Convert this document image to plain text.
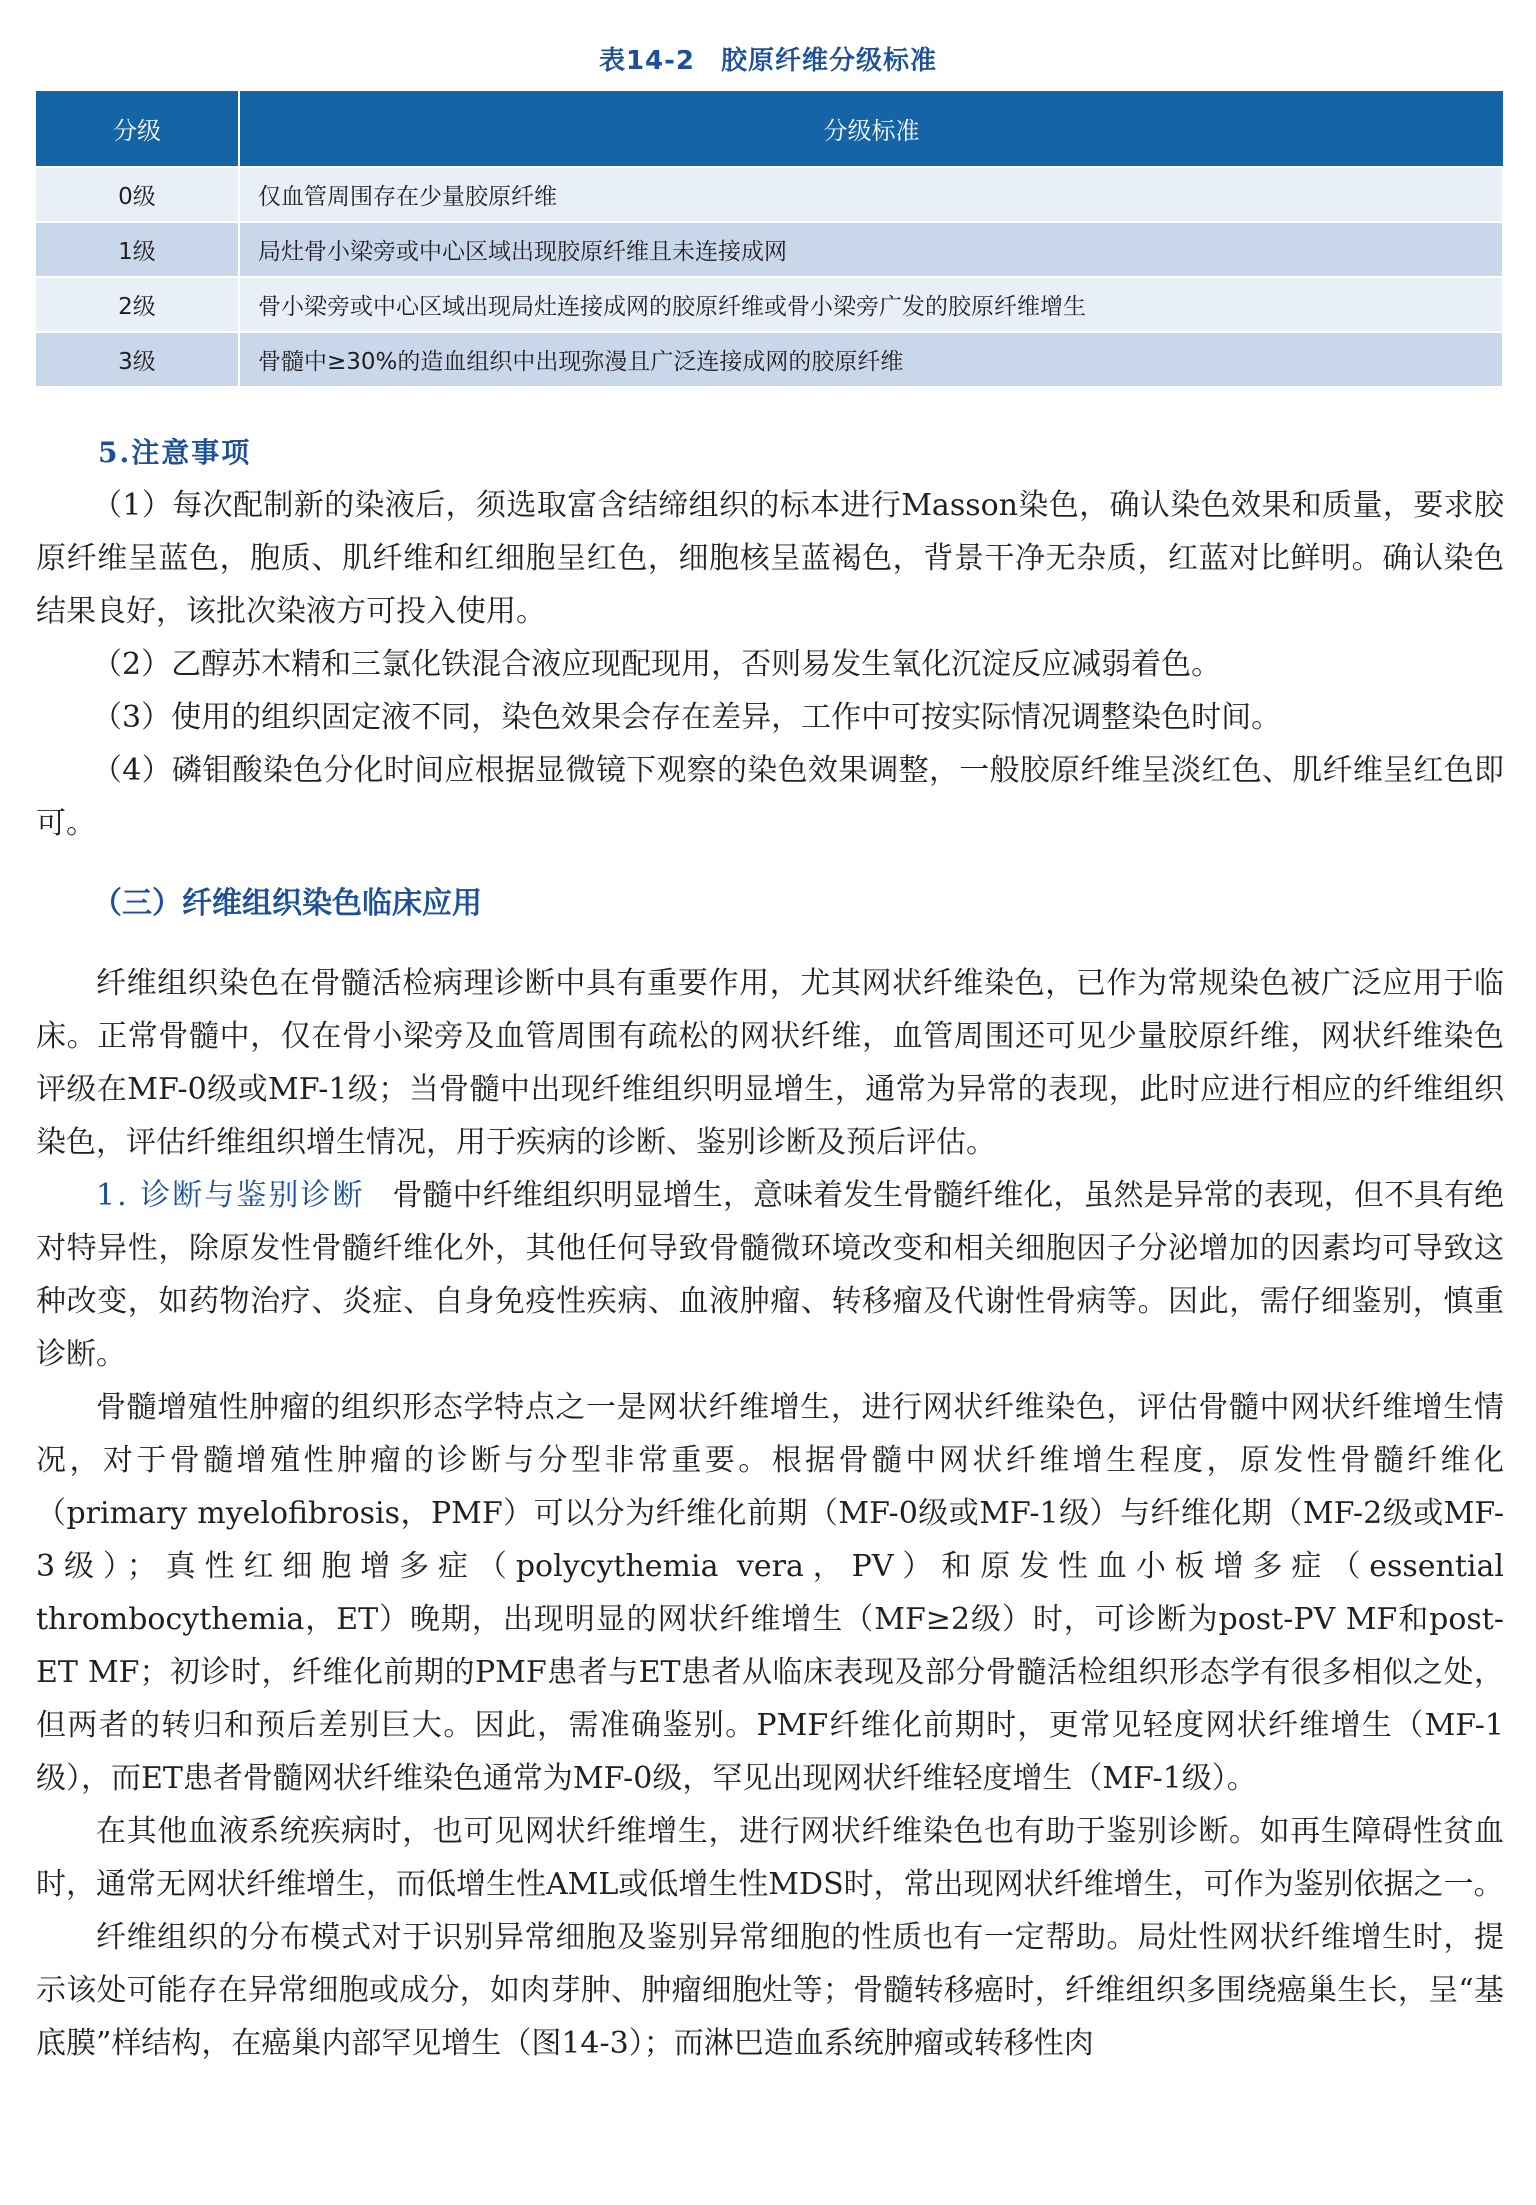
表14-2 胶原纤维分级标准
分级	分级标准
0级	仅血管周围存在少量胶原纤维
1级	局灶骨小梁旁或中心区域出现胶原纤维且未连接成网
2级	骨小梁旁或中心区域出现局灶连接成网的胶原纤维或骨小梁旁广发的胶原纤维增生
3级	骨髓中≥30%的造血组织中出现弥漫且广泛连接成网的胶原纤维
5.注意事项

（1）每次配制新的染液后，须选取富含结缔组织的标本进行Masson染色，确认染色效果和质量，要求胶原纤维呈蓝色，胞质、肌纤维和红细胞呈红色，细胞核呈蓝褐色，背景干净无杂质，红蓝对比鲜明。确认染色结果良好，该批次染液方可投入使用。

（2）乙醇苏木精和三氯化铁混合液应现配现用，否则易发生氧化沉淀反应减弱着色。

（3）使用的组织固定液不同，染色效果会存在差异，工作中可按实际情况调整染色时间。

（4）磷钼酸染色分化时间应根据显微镜下观察的染色效果调整，一般胶原纤维呈淡红色、肌纤维呈红色即可。

（三）纤维组织染色临床应用

纤维组织染色在骨髓活检病理诊断中具有重要作用，尤其网状纤维染色，已作为常规染色被广泛应用于临床。正常骨髓中，仅在骨小梁旁及血管周围有疏松的网状纤维，血管周围还可见少量胶原纤维，网状纤维染色评级在MF-0级或MF-1级；当骨髓中出现纤维组织明显增生，通常为异常的表现，此时应进行相应的纤维组织染色，评估纤维组织增生情况，用于疾病的诊断、鉴别诊断及预后评估。

1. 诊断与鉴别诊断 骨髓中纤维组织明显增生，意味着发生骨髓纤维化，虽然是异常的表现，但不具有绝对特异性，除原发性骨髓纤维化外，其他任何导致骨髓微环境改变和相关细胞因子分泌增加的因素均可导致这种改变，如药物治疗、炎症、自身免疫性疾病、血液肿瘤、转移瘤及代谢性骨病等。因此，需仔细鉴别，慎重诊断。

骨髓增殖性肿瘤的组织形态学特点之一是网状纤维增生，进行网状纤维染色，评估骨髓中网状纤维增生情况，对于骨髓增殖性肿瘤的诊断与分型非常重要。根据骨髓中网状纤维增生程度，原发性骨髓纤维化（primary myelofibrosis，PMF）可以分为纤维化前期（MF-0级或MF-1级）与纤维化期（MF-2级或MF-3级）；真性红细胞增多症（polycythemia vera，PV）和原发性血小板增多症（essential thrombocythemia，ET）晚期，出现明显的网状纤维增生（MF≥2级）时，可诊断为post-PV MF和post-ET MF；初诊时，纤维化前期的PMF患者与ET患者从临床表现及部分骨髓活检组织形态学有很多相似之处，但两者的转归和预后差别巨大。因此，需准确鉴别。PMF纤维化前期时，更常见轻度网状纤维增生（MF-1级），而ET患者骨髓网状纤维染色通常为MF-0级，罕见出现网状纤维轻度增生（MF-1级）。

在其他血液系统疾病时，也可见网状纤维增生，进行网状纤维染色也有助于鉴别诊断。如再生障碍性贫血时，通常无网状纤维增生，而低增生性AML或低增生性MDS时，常出现网状纤维增生，可作为鉴别依据之一。

纤维组织的分布模式对于识别异常细胞及鉴别异常细胞的性质也有一定帮助。局灶性网状纤维增生时，提示该处可能存在异常细胞或成分，如肉芽肿、肿瘤细胞灶等；骨髓转移癌时，纤维组织多围绕癌巢生长，呈“基底膜”样结构，在癌巢内部罕见增生（图14-3）；而淋巴造血系统肿瘤或转移性肉
